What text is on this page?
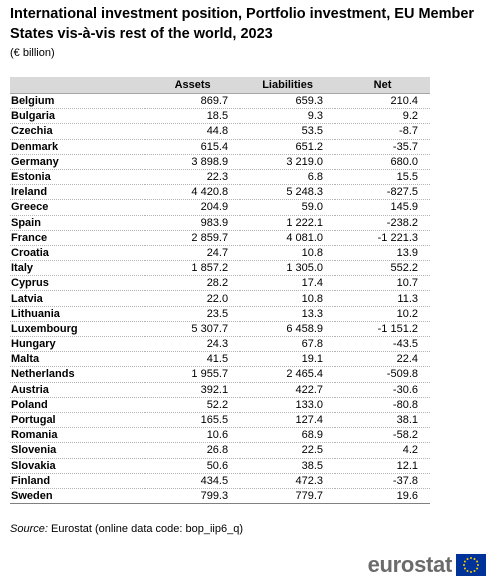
International investment position, Portfolio investment, EU Member States vis-à-vis rest of the world, 2023
(€ billion)
	Assets	Liabilities	Net
Belgium	869.7	659.3	210.4
Bulgaria	18.5	9.3	9.2
Czechia	44.8	53.5	-8.7
Denmark	615.4	651.2	-35.7
Germany	3 898.9	3 219.0	680.0
Estonia	22.3	6.8	15.5
Ireland	4 420.8	5 248.3	-827.5
Greece	204.9	59.0	145.9
Spain	983.9	1 222.1	-238.2
France	2 859.7	4 081.0	-1 221.3
Croatia	24.7	10.8	13.9
Italy	1 857.2	1 305.0	552.2
Cyprus	28.2	17.4	10.7
Latvia	22.0	10.8	11.3
Lithuania	23.5	13.3	10.2
Luxembourg	5 307.7	6 458.9	-1 151.2
Hungary	24.3	67.8	-43.5
Malta	41.5	19.1	22.4
Netherlands	1 955.7	2 465.4	-509.8
Austria	392.1	422.7	-30.6
Poland	52.2	133.0	-80.8
Portugal	165.5	127.4	38.1
Romania	10.6	68.9	-58.2
Slovenia	26.8	22.5	4.2
Slovakia	50.6	38.5	12.1
Finland	434.5	472.3	-37.8
Sweden	799.3	779.7	19.6
Source: Eurostat (online data code: bop_iip6_q)
eurostat
